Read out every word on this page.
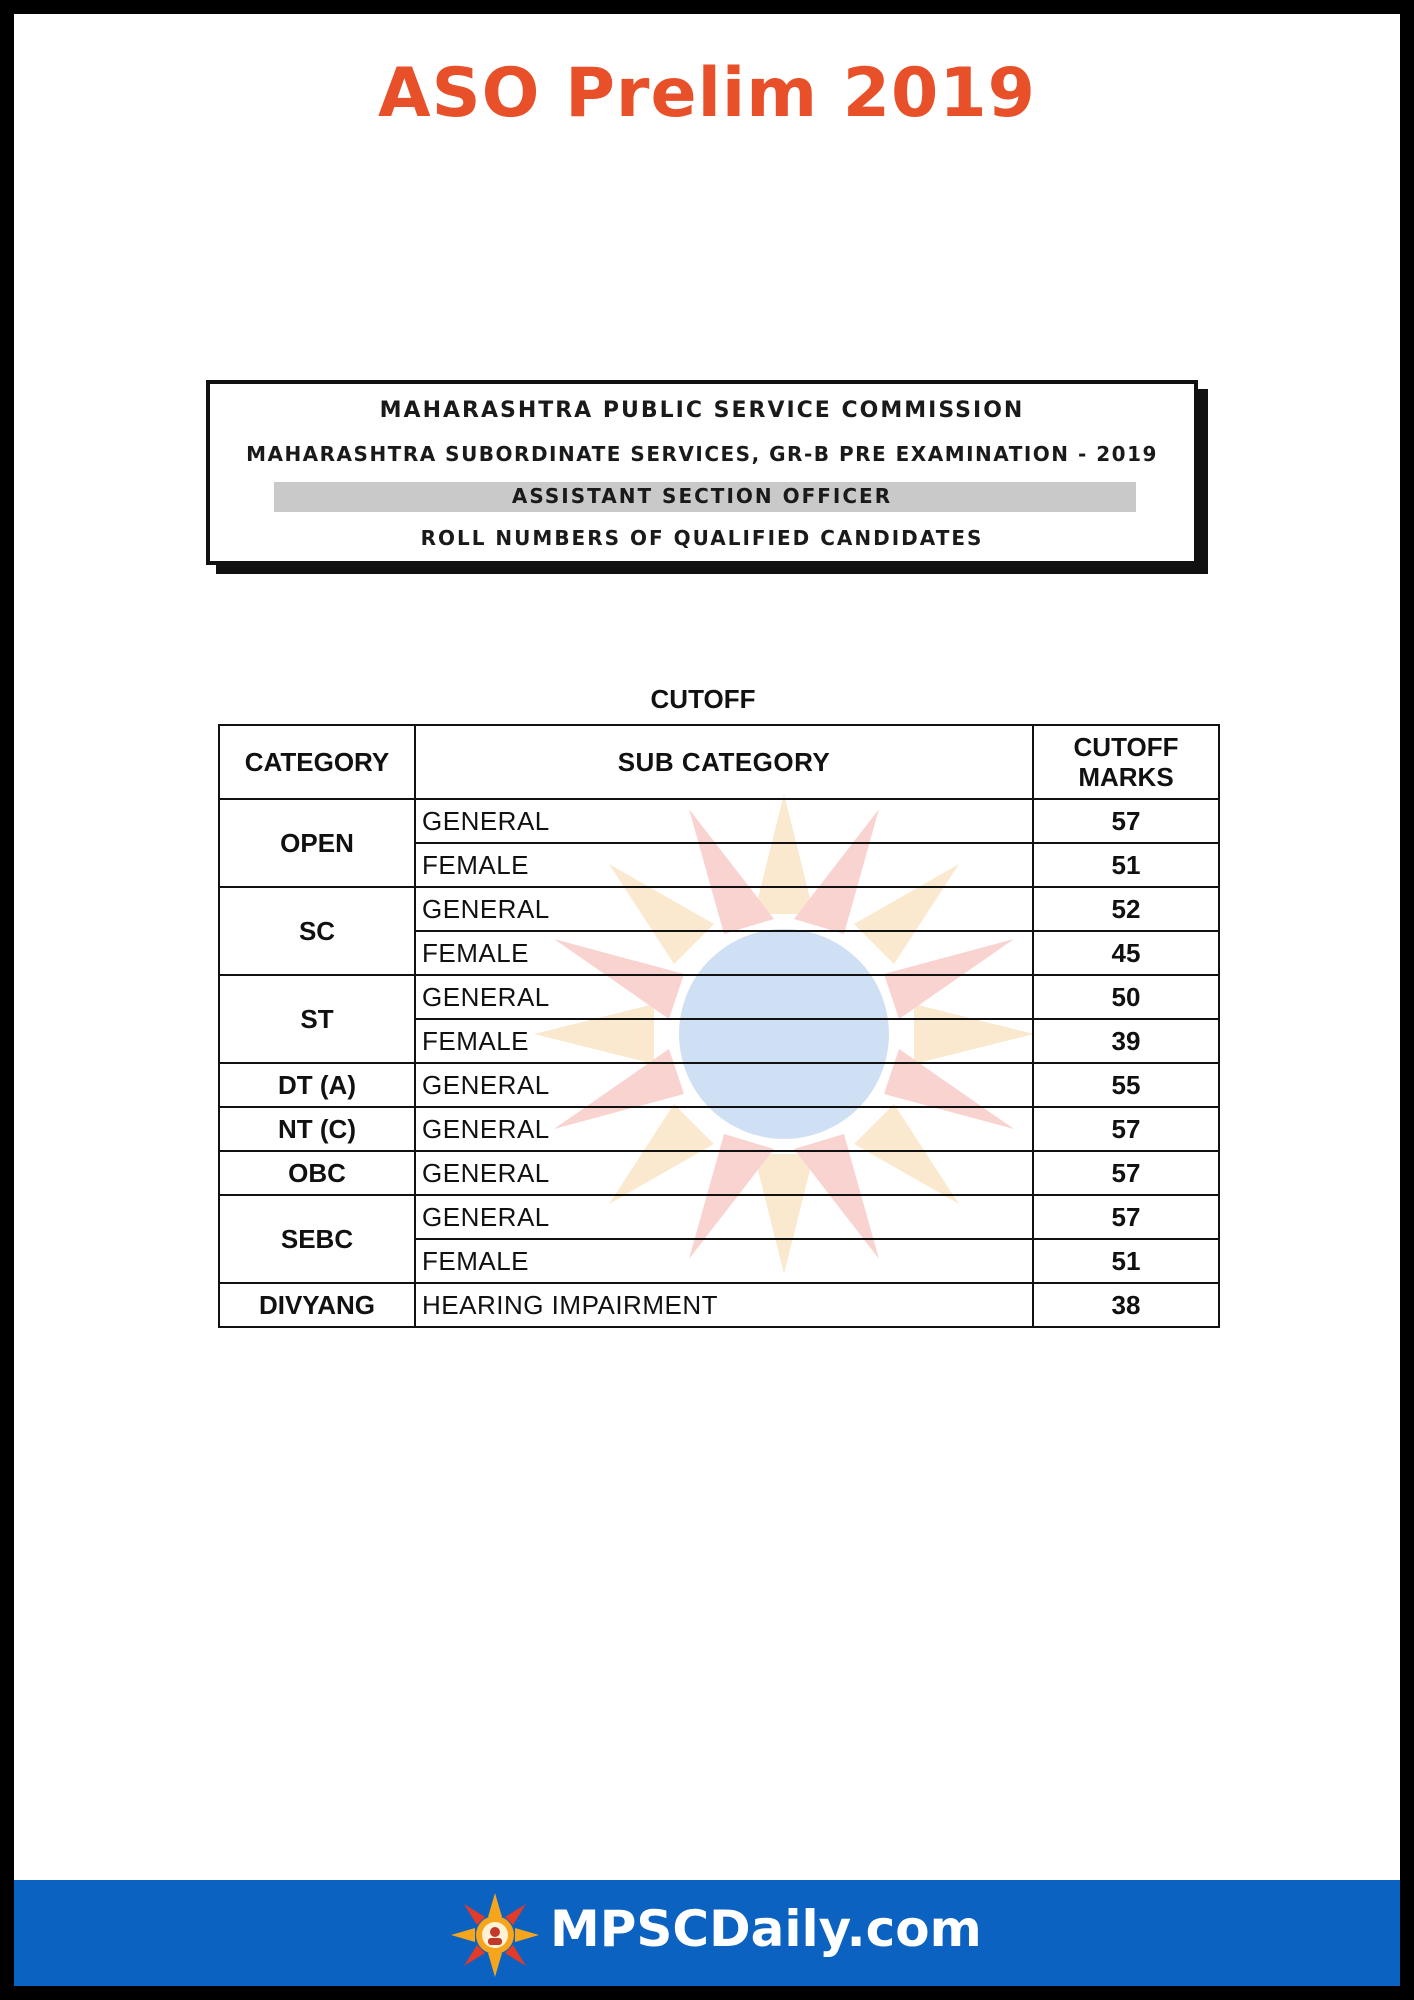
ASO Prelim 2019
MAHARASHTRA PUBLIC SERVICE COMMISSION
MAHARASHTRA SUBORDINATE SERVICES, GR-B PRE EXAMINATION - 2019
ASSISTANT SECTION OFFICER
ROLL NUMBERS OF QUALIFIED CANDIDATES
CUTOFF
CATEGORY	SUB CATEGORY	CUTOFF
MARKS
OPEN	GENERAL	57
	FEMALE	51
SC	GENERAL	52
	FEMALE	45
ST	GENERAL	50
	FEMALE	39
DT (A)	GENERAL	55
NT (C)	GENERAL	57
OBC	GENERAL	57
SEBC	GENERAL	57
	FEMALE	51
DIVYANG	HEARING IMPAIRMENT	38
MPSCDaily.com
